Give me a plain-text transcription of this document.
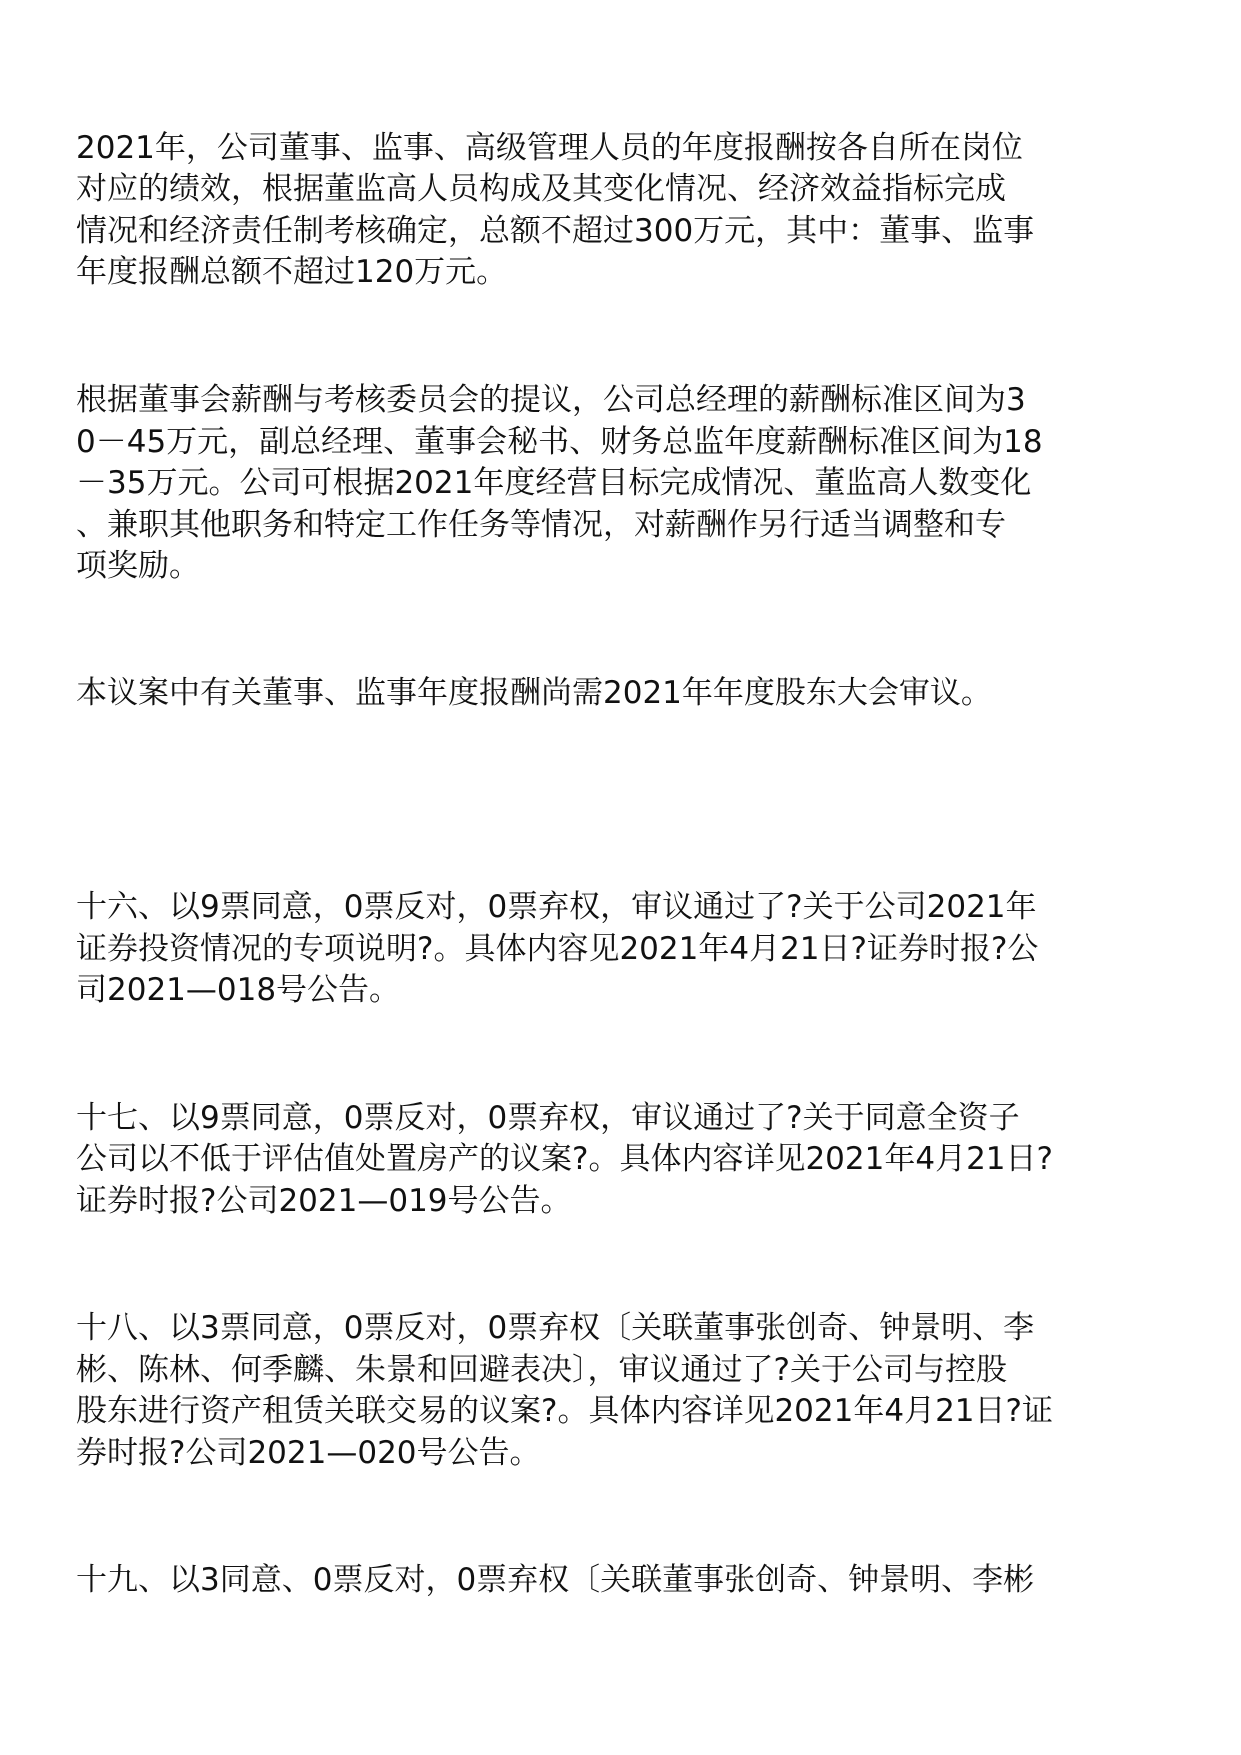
2021年，公司董事、监事、高级管理人员的年度报酬按各自所在岗位
对应的绩效，根据董监高人员构成及其变化情况、经济效益指标完成
情况和经济责任制考核确定，总额不超过300万元，其中：董事、监事
年度报酬总额不超过120万元。
根据董事会薪酬与考核委员会的提议，公司总经理的薪酬标准区间为3
0－45万元，副总经理、董事会秘书、财务总监年度薪酬标准区间为18
－35万元。公司可根据2021年度经营目标完成情况、董监高人数变化
、兼职其他职务和特定工作任务等情况，对薪酬作另行适当调整和专
项奖励。
本议案中有关董事、监事年度报酬尚需2021年年度股东大会审议。
十六、以9票同意，0票反对，0票弃权，审议通过了?关于公司2021年
证券投资情况的专项说明?。具体内容见2021年4月21日?证券时报?公
司2021—018号公告。
十七、以9票同意，0票反对，0票弃权，审议通过了?关于同意全资子
公司以不低于评估值处置房产的议案?。具体内容详见2021年4月21日?
证券时报?公司2021—019号公告。
十八、以3票同意，0票反对，0票弃权〔关联董事张创奇、钟景明、李
彬、陈林、何季麟、朱景和回避表决〕，审议通过了?关于公司与控股
股东进行资产租赁关联交易的议案?。具体内容详见2021年4月21日?证
券时报?公司2021—020号公告。
十九、以3同意、0票反对，0票弃权〔关联董事张创奇、钟景明、李彬
